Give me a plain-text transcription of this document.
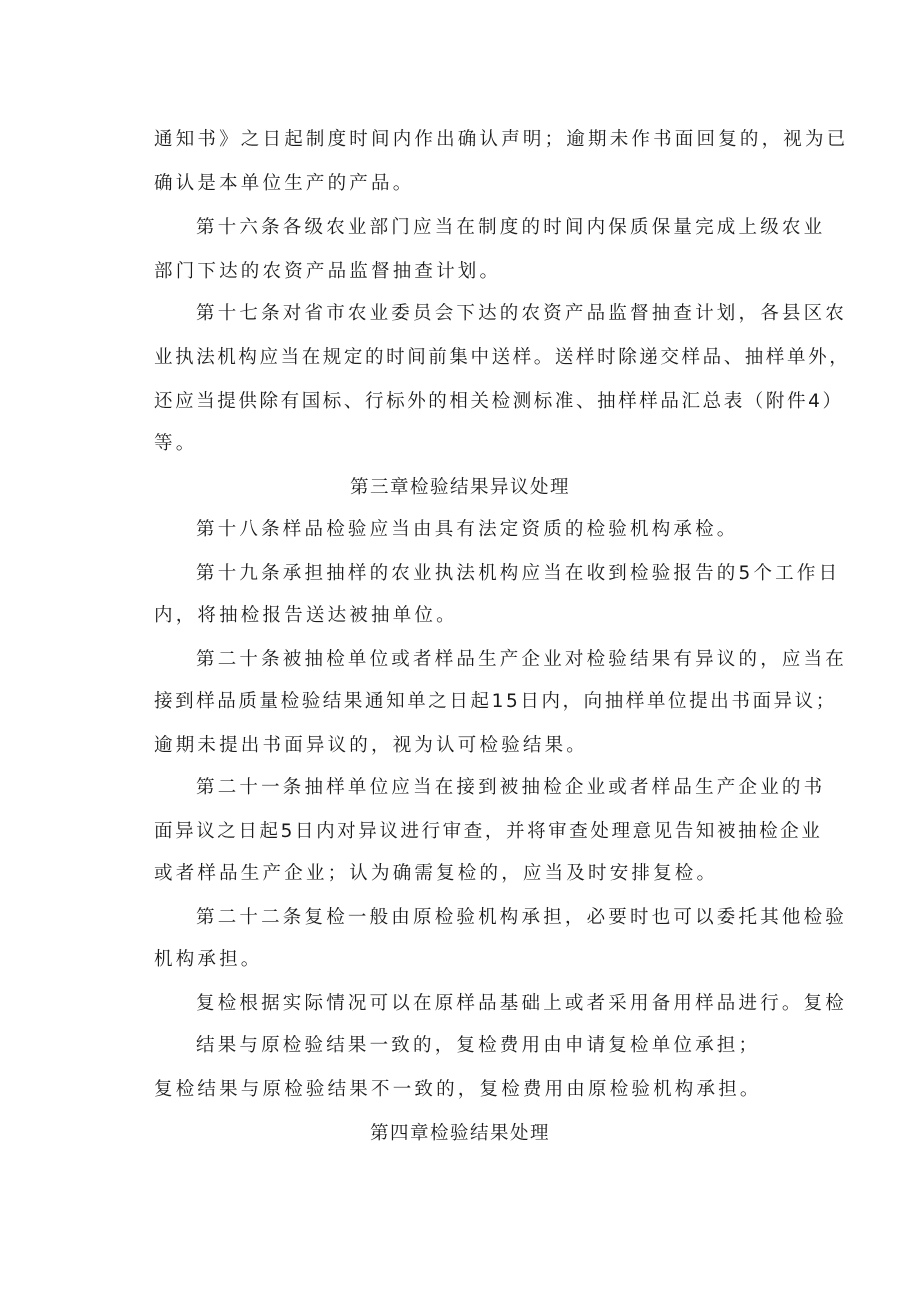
通知书》之日起制度时间内作出确认声明；逾期未作书面回复的，视为已
确认是本单位生产的产品。
第十六条各级农业部门应当在制度的时间内保质保量完成上级农业
部门下达的农资产品监督抽查计划。
第十七条对省市农业委员会下达的农资产品监督抽查计划，各县区农
业执法机构应当在规定的时间前集中送样。送样时除递交样品、抽样单外，
还应当提供除有国标、行标外的相关检测标准、抽样样品汇总表（附件4）
等。
第三章检验结果异议处理
第十八条样品检验应当由具有法定资质的检验机构承检。
第十九条承担抽样的农业执法机构应当在收到检验报告的5个工作日
内，将抽检报告送达被抽单位。
第二十条被抽检单位或者样品生产企业对检验结果有异议的，应当在
接到样品质量检验结果通知单之日起15日内，向抽样单位提出书面异议；
逾期未提出书面异议的，视为认可检验结果。
第二十一条抽样单位应当在接到被抽检企业或者样品生产企业的书
面异议之日起5日内对异议进行审查，并将审查处理意见告知被抽检企业
或者样品生产企业；认为确需复检的，应当及时安排复检。
第二十二条复检一般由原检验机构承担，必要时也可以委托其他检验
机构承担。
复检根据实际情况可以在原样品基础上或者采用备用样品进行。复检
结果与原检验结果一致的，复检费用由申请复检单位承担；
复检结果与原检验结果不一致的，复检费用由原检验机构承担。
第四章检验结果处理
